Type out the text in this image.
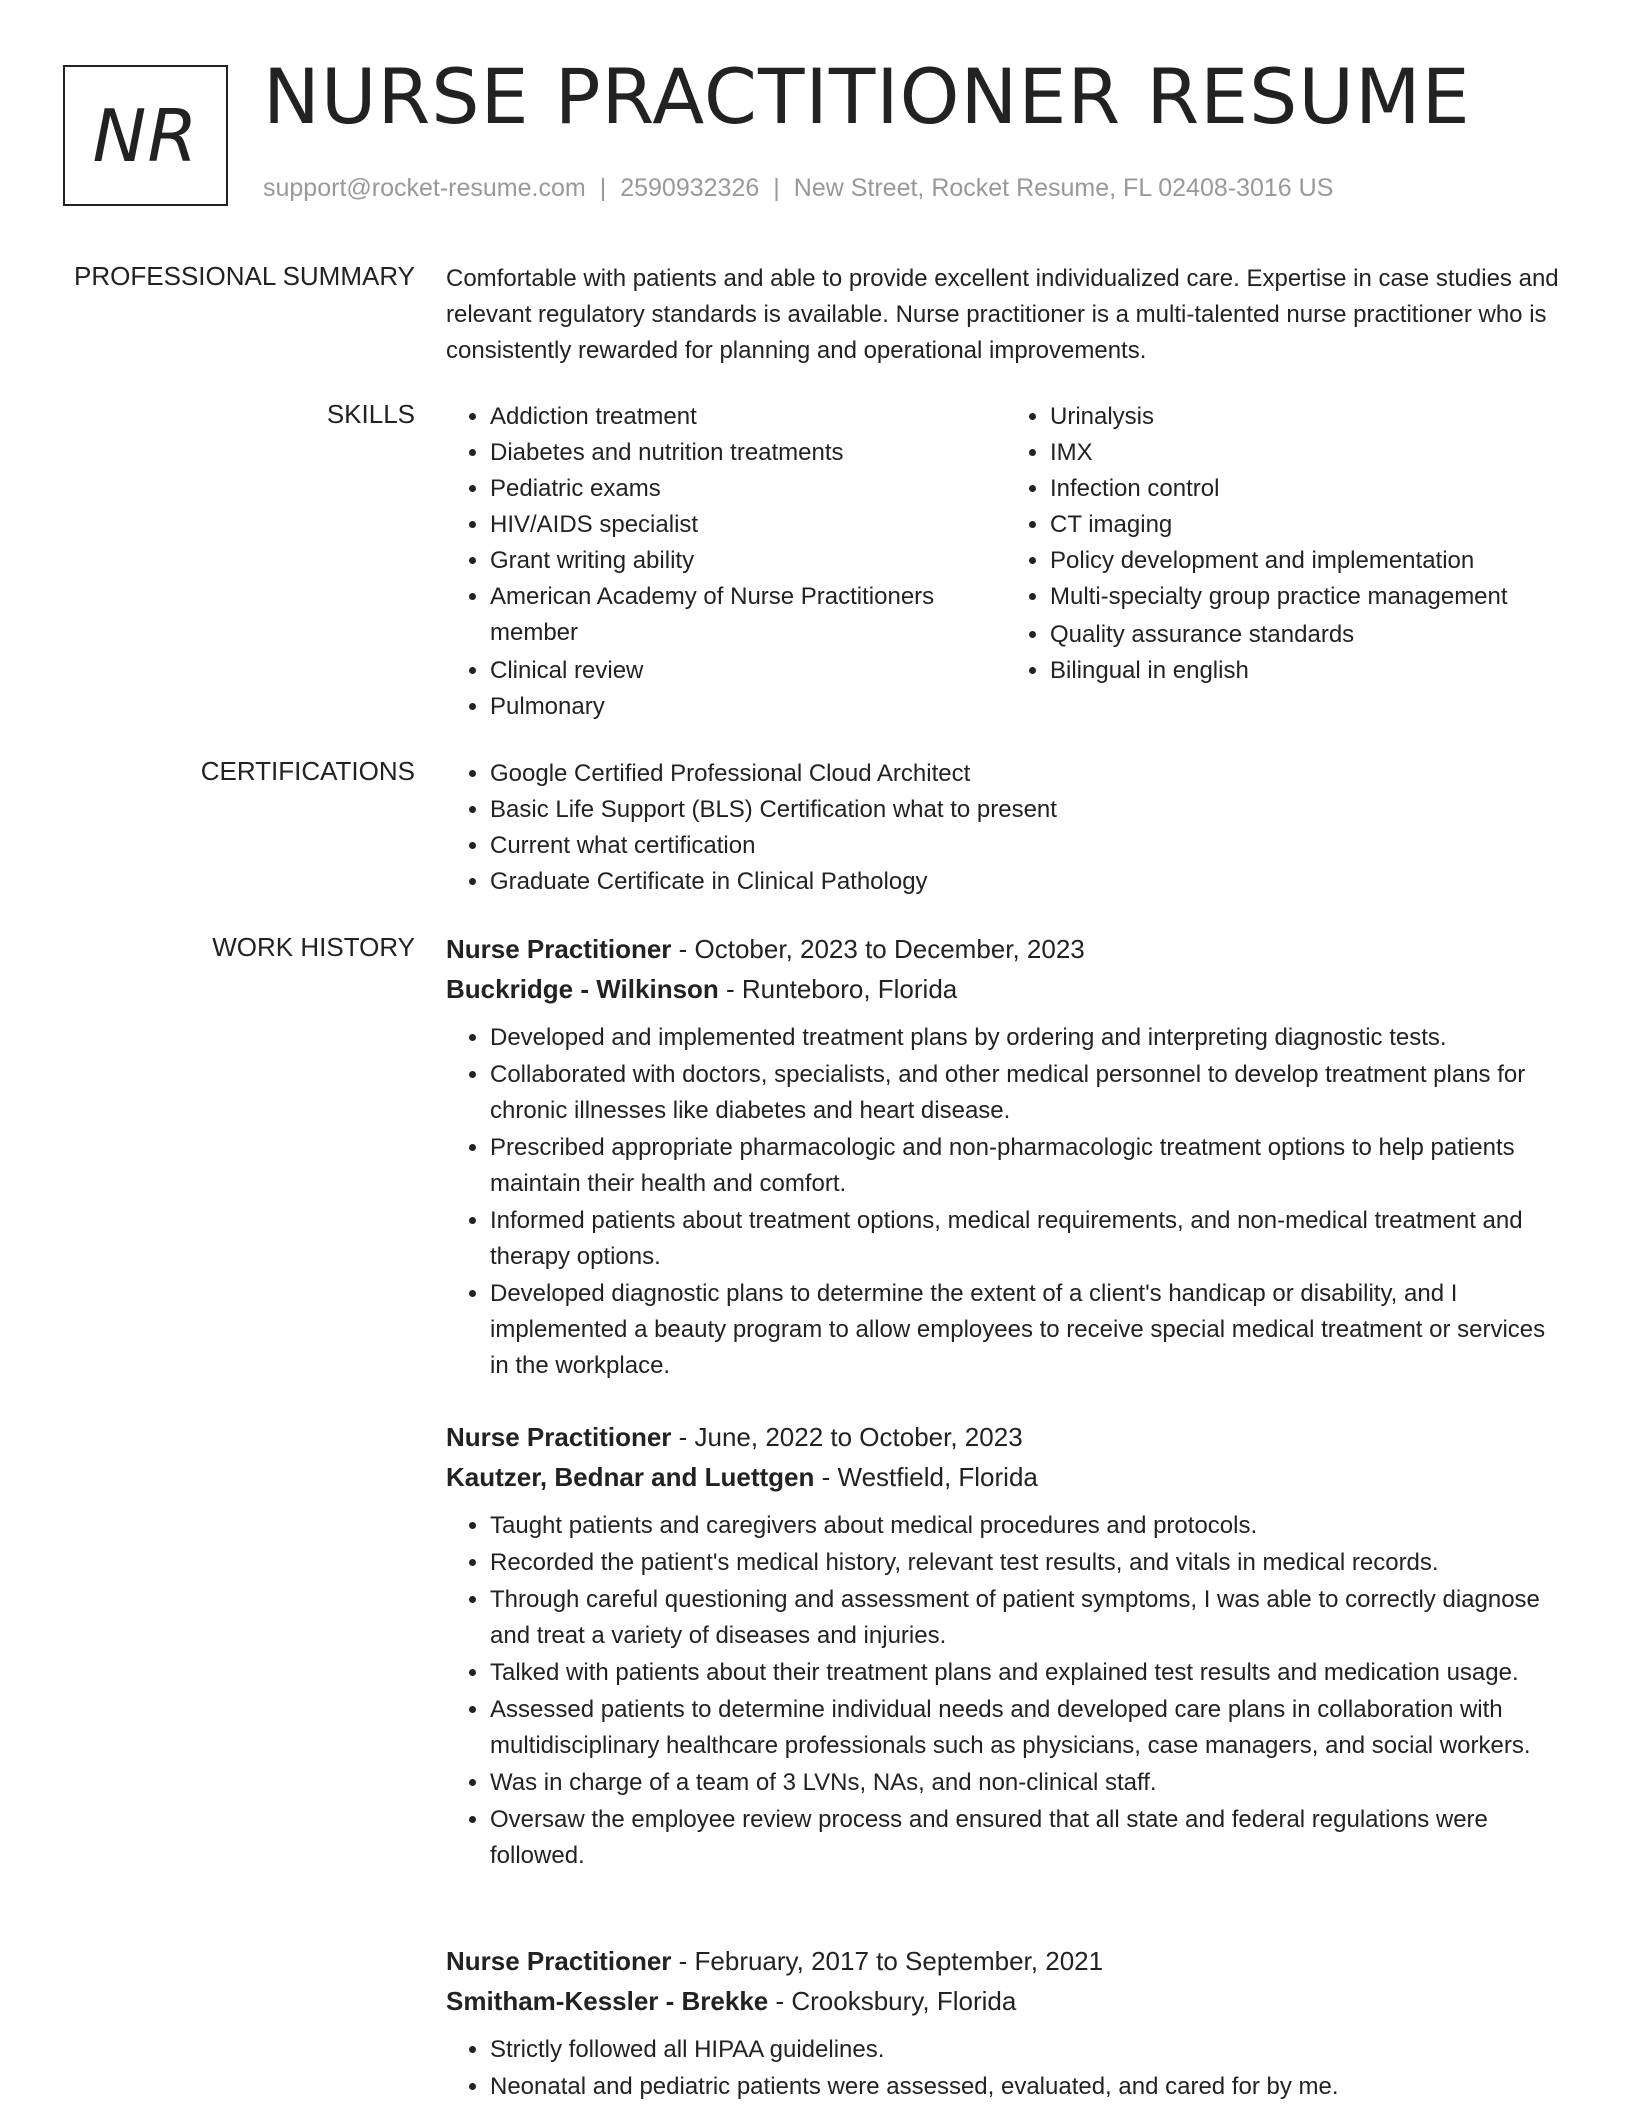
NR NURSE PRACTITIONER RESUME
support@rocket-resume.com | 2590932326 | New Street, Rocket Resume, FL 02408-3016 US
PROFESSIONAL SUMMARY Comfortable with patients and able to provide excellent individualized care. Expertise in case studies and relevant regulatory standards is available. Nurse practitioner is a multi-talented nurse practitioner who is consistently rewarded for planning and operational improvements.
SKILLS	• Addiction treatment
• Diabetes and nutrition treatments
• Pediatric exams
• HIV/AIDS specialist
• Grant writing ability
• American Academy of Nurse Practitioners member
• Clinical review
• Pulmonary
• Urinalysis
• IMX
• Infection control
• CT imaging
• Policy development and implementation
• Multi-specialty group practice management
• Quality assurance standards
• Bilingual in english
CERTIFICATIONS	• Google Certified Professional Cloud Architect
• Basic Life Support (BLS) Certification what to present
• Current what certification
• Graduate Certificate in Clinical Pathology
WORK HISTORY Nurse Practitioner - October, 2023 to December, 2023
Buckridge - Wilkinson - Runteboro, Florida
• Developed and implemented treatment plans by ordering and interpreting diagnostic tests.
• Collaborated with doctors, specialists, and other medical personnel to develop treatment plans for chronic illnesses like diabetes and heart disease.
• Prescribed appropriate pharmacologic and non-pharmacologic treatment options to help patients maintain their health and comfort.
• Informed patients about treatment options, medical requirements, and non-medical treatment and therapy options.
• Developed diagnostic plans to determine the extent of a client's handicap or disability, and I implemented a beauty program to allow employees to receive special medical treatment or services in the workplace.
Nurse Practitioner - June, 2022 to October, 2023
Kautzer, Bednar and Luettgen - Westfield, Florida
• Taught patients and caregivers about medical procedures and protocols.
• Recorded the patient's medical history, relevant test results, and vitals in medical records.
• Through careful questioning and assessment of patient symptoms, I was able to correctly diagnose and treat a variety of diseases and injuries.
• Talked with patients about their treatment plans and explained test results and medication usage.
• Assessed patients to determine individual needs and developed care plans in collaboration with multidisciplinary healthcare professionals such as physicians, case managers, and social workers.
• Was in charge of a team of 3 LVNs, NAs, and non-clinical staff.
• Oversaw the employee review process and ensured that all state and federal regulations were followed.
Nurse Practitioner - February, 2017 to September, 2021
Smitham-Kessler - Brekke - Crooksbury, Florida
• Strictly followed all HIPAA guidelines.
• Neonatal and pediatric patients were assessed, evaluated, and cared for by me.
